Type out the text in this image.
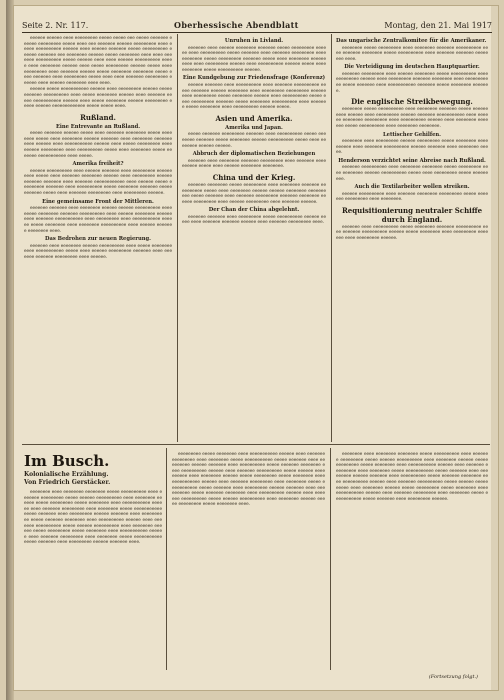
Seite 2. Nr. 117.	Oberhessische Abendblatt	Montag, den 21. Mai 1917

eeeeee eeeeee eeee eeeeeeeee eeeee eeeee eee eeeee eeeeeee eeeeee eeeeeeeee eeeee eeee eee eeeeeee eeeeee eeeeeeeee eeee eeeee eeeeeeeeee eeeeee eeee eeeeee eeeeeee eeeee eeeeeeeeee eeeeee eeeeeee eee eeeeeeee eeeeee eeeee eeeeeeee eeee eeee eeeeeee eeeeeeeeee eeeee eeeeee eeee eeee eeeeee eeeeeeeeee eeeee eeee eeeeeeee eeeeee eeee eeeee eeeeeeeee eeeeee eeeee eeee eeeeeeeee eeee eeeeeee eeeeee eeeee eeeeeeee eeeeeeee eeeee eeee eeeeeee eeee eeeeeeeee eeeee eeee eeee eeeeeee eeeeeeeee eeeeee eeee eeeeee eeeeeeee eeee eeee.

eeeeee eeeee eeeeeeeeeee eeeeee eeee eeeeeeeee eeeeee eeeee eeeeeee eeeeeeeeee eeee eeeee eeeeeeee eeeeee eeee eeeeeee eeeee eeeeeeeeeee eeeeee eeee eeeee eeeeeeee eeeeee eeeeeeeee eeeee eeeeee eeeeeeeeeeeee eeeee eeeee eeee.

Rußland.
Eine Entrevante an Rußland.

eeeee eeeeeee eeeeee eeeee eeee eeeeeee eeeeeeee eeeee eeeeeeee eeeee eeee eeeeeeee eeeeee eeeeeee eeee eeeeeeee eeeeeee eeee eeeeee eeee eeeeeeeeeee eeeeee eeee eeeee eeeeeeeee eeee eeeeee eeeeeeeee eeee eeeeeeeeee eeeee eeee eeeeeeee eeeee eeeeeee eeeeeeeeeee eeee eeeee.

Amerika freiheit?

eeeeee eeeeeeeeee eeee eeeeee eeeeeee eeee eeeeeeeee eeeeeeeeee eeeee eeee eeeeeee eeeeeeee eeeeee eeee eeeeeeeee eeeeee eeeeeee eeeeeee eeee eeeeeee eeeeeeeeeeee eeee eeeeee eeeee eeeeeeeee eeeeeee eeee eeeeeeeeee eeeee eeeeeeee eeeeeee eeeeeeeeeeee eeeee eeee eeeeeee eeeeeeeee eeee eeeeeeeee eeeeee.

Eine gemeinsame Front der Mittleren.

eeeeeee eeeeeee eeee eeeeeeee eeeeee eeeeee eeeeeeeeee eeee eeeee eeeeeeee eeeeeee eeeeeeeeee eeee eeeeee eeeeeeee eeeeee eeee eeeeeee eeeeeeeeeee eeee eeeeeeeee eeee eeeeeeeeeee eeeeee eeeee eeeeeeee eeee eeeeeeee eeeeeeeeee eeee eeeeee eeeeeee eeeeeeee eeee.

Das Bedrohen zur neuen Regierung.

eeeeeee eeee eeeeeeee eeeeee eeeeeeeeee eeee eeeee eeeeeeee eeee eeeeeeeeeee eeeee eeee eeeeee eeeeeeeee eeeeeee eeee eeeeeee eeeeeee eeeeeeeee eeee eeeeee.

Unruhen in Livland.

eeeeeee eeee eeeeee eeeeeeee eeeeeee eeeee eeeeeeeee eeeeee eeee eeeeeeeeee eeeee eeeeeee eeee eeeeeee eeeeeeeee eeee eeeeeeee eeeee eeeeeeeee eeeeeee eeeee eeee eeeeeeee eeeeeeeeee eeee eeeeeeeee eeeeee eeee eeeeeeeeee eeeeee eeeee eeee eeeeeeee eeeee eeeeeeeeee eeeeee.

Eine Kundgebung zur Friedensfrage (Konferenz)

eeeeee eeeeeee eeee eeeeeeeeee eeee eeeeeee eeeeeeeeee eeeee eeeeeee eeeeee eeeeeeee eeee eeeeeeeee eeeeeeeee eeeeee eeee eeeeeeeee eeeee eeeeeeee eeeeee eeee eeeeeeeeee eeeee eeee eeeeeeeee eeeeeee eeeee eeeeeeee eeeeeeeeee eeee eeeeeee eeeee eeeeeeee eeee eeeeeeeeee eeeeee eeeee.

Asien und Amerika.
Amerika und Japan.

eeeee eeeeeee eeeeeeeee eeeeeee eeee eeeeeeeeee eeeee eeeeeeee eeeeeee eeeee eeeeeeee eeeeee eeeeeeeeee eeeee eeee eeeeeeee eeeeee eeeeee.

Abbruch der diplomatischen Beziehungen

eeeeeee eeee eeeeeeee eeeeeee eeeeeeeee eeee eeeeeee eeeeeeeeee eeeee eeee eeeeee eeeeeeee eeeeeeee.

China und der Krieg.

eeeeeee eeeeeeee eeeee eeeeeeeee eeee eeeeeeee eeeeeee eeeeeeeeee eeeee eeee eeeeeeee eeeeee eeeeee eeeeeeee eeeeeeeeee eeeee eeeeeee eeee eeeeeee eeeeeeeee eeeeeee eeeeeeee eeeeee eeeeeeeee eeee eeeeee eeeeeeeee eeee eeeeeee eeeeee.

Der Chan der China abgelehnt.

eeeeeee eeeeeee eeee eeeeeeeee eeeee eeeeeeeeee eeeeee eeeee eeee eeeeeee eeeeeee eeeeee eeee eeeeeee eeeeeeeee eeee.

Das ungarische Zentralkomitee für die Amerikaner.

eeeeeeee eeeee eeeeeeeee eeee eeeeeeee eeeeeee eeeeeeeeee eeee eeeeeee eeeeeeee eeeee eeeeeeeeee eeee eeeeeee eeeeeee eeeeeeee eeee.

Die Verteidigung im deutschen Hauptquartier.

eeeeeee eeeeeeeee eeee eeeeee eeeeeeee eeeee eeeeeeeeee eeee eeeeeeeee eeeeee eeee eeeeeeeee eeeeeee eeeeeeee eeee eeeeeeeeeee eeeee eeeeeee eeee eeeeeeeeeee eeeeeee eeeee eeeeeeee eeeeeee.

Die englische Streikbewegung.

eeeeeeee eeeee eeeeeeeeee eeee eeeeeeee eeeeeee eeeee eeeeeeeeee eeeeee eeee eeeeeeeee eeeeee eeeeeee eeeeeeeeeee eeee eeeeee eeeeeeee eeeeeeeee eeee eeeeeeeeee eeeeee eeee eeeeeeee eeeeeee eeeee eeeeeeeeee eeee eeeeeeee eeeeeeee.

Lettischer Gehilfen.

eeeeeeee eeee eeeeeeeee eeeeee eeeeeeeee eeeee eeeeeeee eeeeeeeeee eeee eeeeeee eeeeeeeeee eeeeee eeeeeee eeee eeeeeeee eeeee.

Henderson verzichtet seine Abreise nach Rußland.

eeeeeee eeeeeeeeee eeee eeeeeeee eeeeeeee eeeee eeeeeeeee eeee eeeeeeee eeeeee eeeeeeeeee eeeee eeee eeeeeeeee eeeee eeeeeeeee.

Auch die Textilarbeiter wollen streiken.

eeeeee eeeeeeeeee eeee eeeeeee eeeeeeee eeeeeeeee eeeee eeeeeee eeeeeeeee eeee eeeeeeee.

Requisitionierung neutraler Schiffe durch England.

eeeeeee eeee eeeeeeeeee eeeee eeeeeeee eeeeeee eeeeeeeeee eeee eeeeeee eeeeeeeeee eeeeee eeeee eeeeeeee eeee eeeeeeeee eeeeeee eeee eeeeeeeee eeeeee.

Im Busch.
Kolonialische Erzählung.
Von Friedrich Gerstäcker.

eeeeeeee eeee eeeeeeee eeeeeeee eeeee eeeeeeeeee eeee eeeeeee eeeeeeeee eeeee eeeeee eeeeeeeeee eeee eeeeeeee eeeeee eeeee eeeeeeeee eeeee eeeeeeee eeee eeeeeeeeeee eeeeee eeee eeeeeee eeeeeeeee eeee eeeeeeee eeeee eeeeeeeeeee eeeee eeeeeee eeee eeeeeeeee eeeeee eeeeeee eeee eeeeeeeeee eeeee eeeeeee eeeeeeee eeee eeeeeeeeee eeeeee eeee eeeeeee eeeeeeeeee eeeee eeeeee eeeeeeeeee eeee eeeeeeee eeeeee eeeee eeeeeeeee eeeee eeeeeeee eeee eeeeeeeeeee eeeeee eeee eeeeeee eeeeeeeee eeee eeeeeeee eeeee eeeeeeeeeee eeeee eeeeeee eeee eeeeeeeee eeeeee eeeeeee eeee.

eeeeeeeee eeeee eeeeeeee eeee eeeeeeeeeee eeeeee eeee eeeeeee eeeeeeeee eeee eeeeeeee eeeee eeeeeeeeeee eeeee eeeeeee eeee eeeeeeeee eeeeee eeeeeee eeee eeeeeeeeee eeeee eeeeeee eeeeeeee eeee eeeeeeeeee eeeeee eeee eeeeeee eeeeeeeeee eeeee eeeeee eeeeeeeeee eeee eeeeeeee eeeeee eeeee eeeeeeeee eeeee eeeeeeee eeee eeeeeeeeeee eeeeee eeee eeeeeee eeeeeeeee eeee eeeeeeee eeeee eeeeeeeeeee eeeee eeeeeee eeee eeeeeeeee eeeeee eeeeeee eeee eeeeeeeeee eeeee eeeeeee eeeeeeee eeee eeeeeeeeee eeeeee eeee eeeeeee eeeeeeeeee eeeee eeeeee eeeeeeeeee eeee eeeeeeee eeeeee eeeee eeeeeeeee eeeee eeeeeeee eeee.

eeeeeeee eeee eeeeeeee eeeeeeee eeeee eeeeeeeeee eeee eeeeeee eeeeeeeee eeeee eeeeee eeeeeeeeee eeee eeeeeeee eeeeee eeeee eeeeeeeee eeeee eeeeeeee eeee eeeeeeeeeee eeeeee eeee eeeeeee eeeeeeeee eeee eeeeeeee eeeee eeeeeeeeeee eeeee eeeeeee eeee eeeeeeeee eeeeee eeeeeee eeee eeeeeeeeee eeeee eeeeeee eeeeeeee eeee eeeeeeeeee eeeeee eeee eeeeeee eeeeeeeeee eeeee eeeeee eeeeeeeeee eeee eeeeeeee eeeeee eeeee eeeeeeeee eeeee eeeeeeee eeee eeeeeeeeeee eeeeee eeee eeeeeee eeeeeeeee eeee eeeeeeee eeeee eeeeeeeeeee eeeee eeeeeee eeee eeeeeeeee eeeeee.

(Fortsetzung folgt.)
